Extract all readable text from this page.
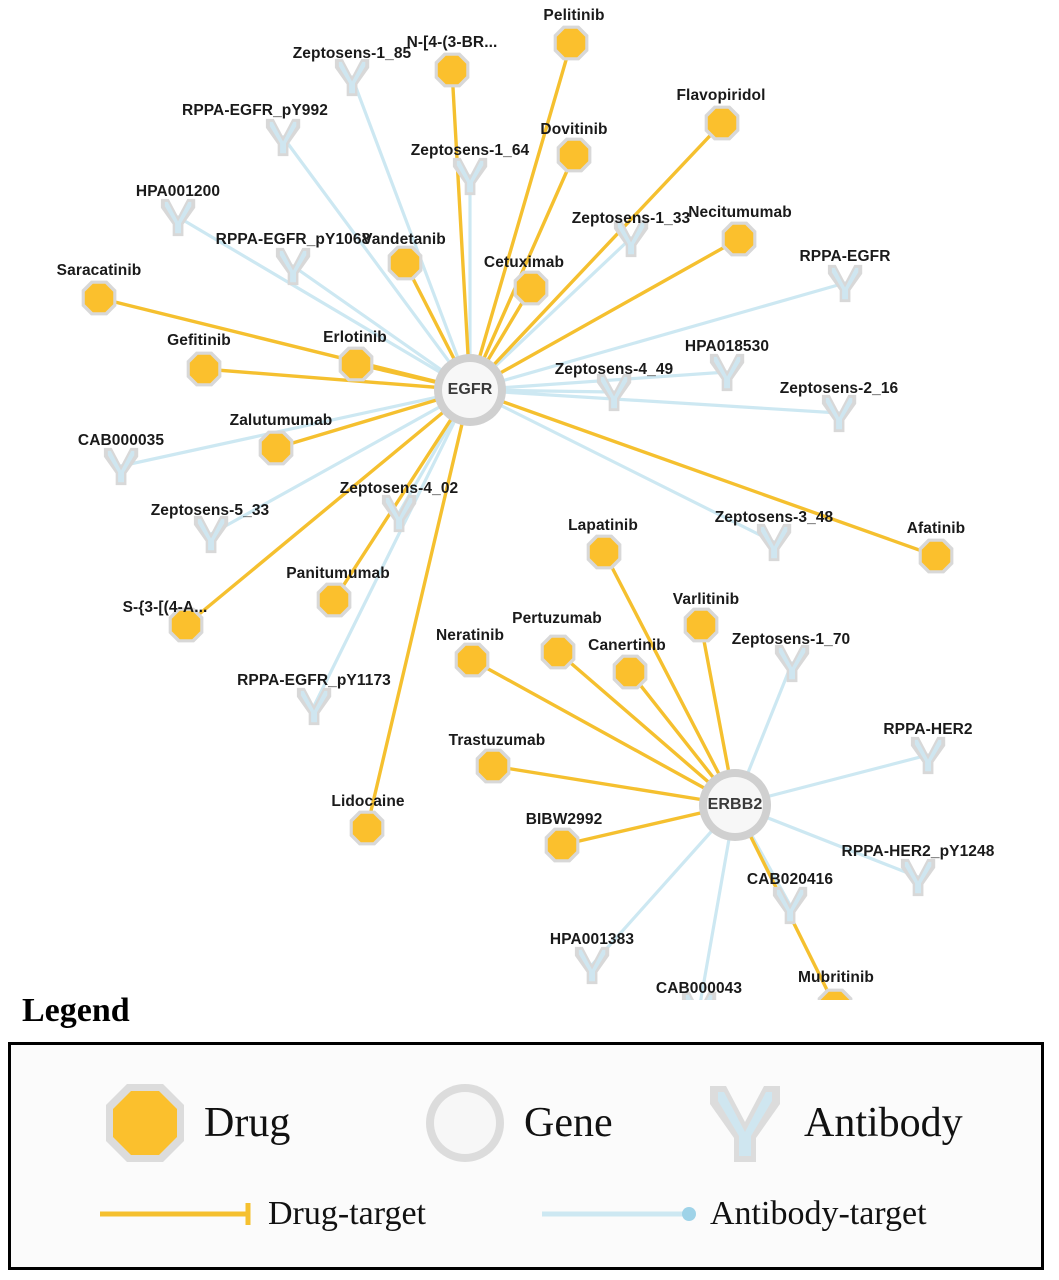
Zeptosens-1_85
RPPA-EGFR_pY992
Zeptosens-1_64
HPA001200
Zeptosens-1_33
RPPA-EGFR_pY1068
RPPA-EGFR
HPA018530
Zeptosens-4_49
Zeptosens-2_16
CAB000035
Zeptosens-4_02
Zeptosens-5_33	Zeptosens-3_48
Zeptosens-1_70
RPPA-EGFR_pY1173
RPPA-HER2
RPPA-HER2_pY1248
CAB020416
HPA001383
CAB000043
Pelitinib
N-[4-(3-BR...
Flavopiridol
Dovitinib
Vandetanib
Necitumumab
Cetuximab
Saracatinib
Gefitinib	Erlotinib
Zalutumumab
Afatinib
Lapatinib
Varlitinib
Panitumumab
S-{3-[(4-A...
Pertuzumab
Canertinib
Neratinib
Trastuzumab
Lidocaine
BIBW2992
Mubritinib
EGFR
ERBB2
Legend
Drug	Gene	Antibody
Drug-target	Antibody-target
